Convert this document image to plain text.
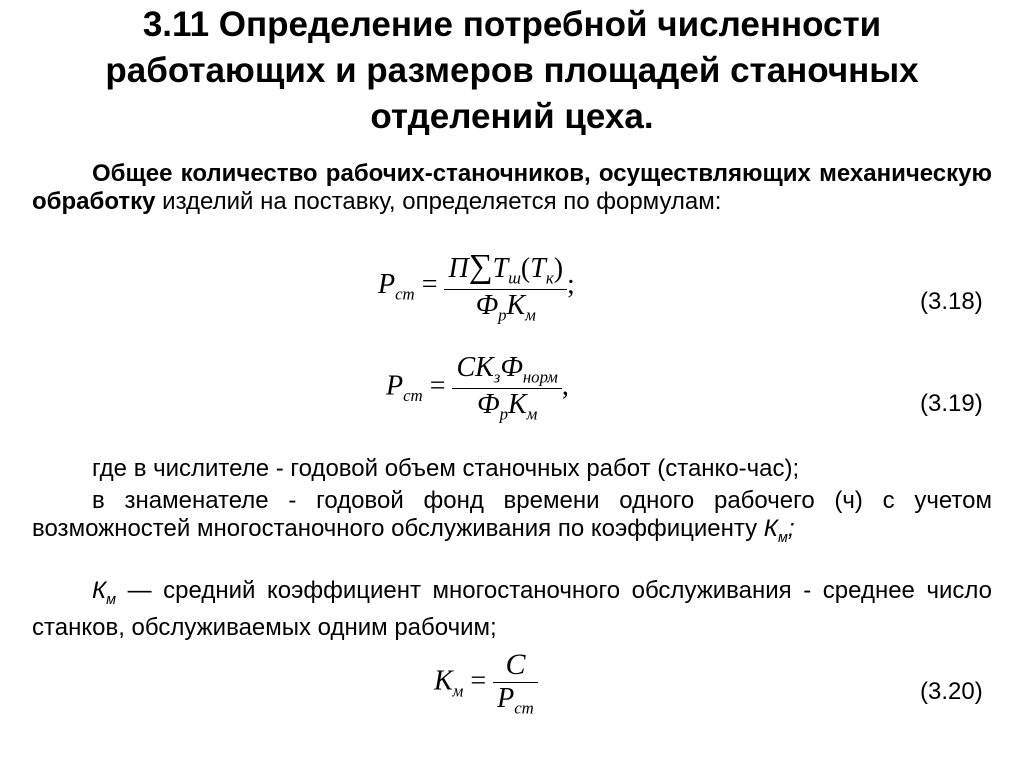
3.11 Определение потребной численности
работающих и размеров площадей станочных
отделений цеха.

Общее количество рабочих-станочников, осуществляющих механическую обработку изделий на поставку, определяется по формулам:

$P_{ст} = \frac{П\sum T_ш(T_к)}{Ф_рК_м}$ ;
(3.18)
$P_{ст} = \frac{СК_зФ_{норм}}{Ф_рК_м}$ ,
(3.19)

где в числителе - годовой объем станочных работ (станко-час);

в знаменателе - годовой фонд времени одного рабочего (ч) с учетом возможностей многостаночного обслуживания по коэффициенту $К_м$;

$К_м$ — средний коэффициент многостаночного обслуживания - среднее число станков, обслуживаемых одним рабочим;

$К_м = \frac{С}{P_{ст}}$	(3.20)
